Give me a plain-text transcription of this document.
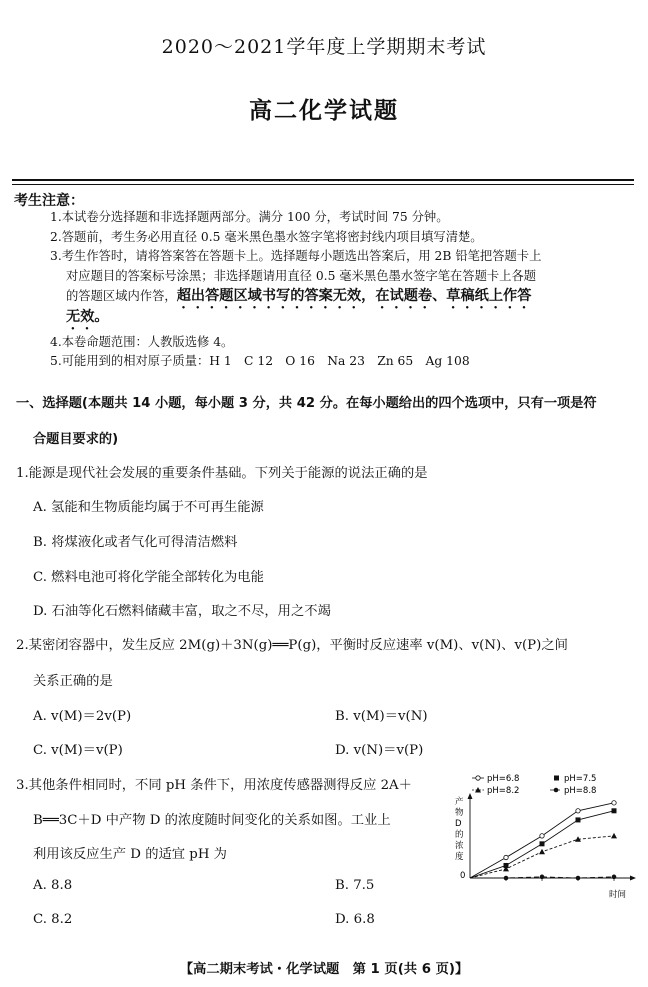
2020～2021学年度上学期期末考试
高二化学试题
考生注意：
1.本试卷分选择题和非选择题两部分。满分 100 分，考试时间 75 分钟。
2.答题前，考生务必用直径 0.5 毫米黑色墨水签字笔将密封线内项目填写清楚。
3.考生作答时，请将答案答在答题卡上。选择题每小题选出答案后，用 2B 铅笔把答题卡上
对应题目的答案标号涂黑；非选择题请用直径 0.5 毫米黑色墨水签字笔在答题卡上各题
的答题区域内作答，超出答题区域书写的答案无效，在试题卷、草稿纸上作答
无效。
4.本卷命题范围：人教版选修 4。
5.可能用到的相对原子质量：H 1　C 12　O 16　Na 23　Zn 65　Ag 108
一、选择题(本题共 14 小题，每小题 3 分，共 42 分。在每小题给出的四个选项中，只有一项是符
合题目要求的)
1.能源是现代社会发展的重要条件基础。下列关于能源的说法正确的是
A. 氢能和生物质能均属于不可再生能源
B. 将煤液化或者气化可得清洁燃料
C. 燃料电池可将化学能全部转化为电能
D. 石油等化石燃料储藏丰富，取之不尽，用之不竭
2.某密闭容器中，发生反应 2M(g)＋3N(g)══P(g)，平衡时反应速率 v(M)、v(N)、v(P)之间
关系正确的是
A. v(M)＝2v(P)	B. v(M)＝v(N)
C. v(M)＝v(P)	D. v(N)＝v(P)
3.其他条件相同时，不同 pH 条件下，用浓度传感器测得反应 2A＋
B══3C＋D 中产物 D 的浓度随时间变化的关系如图。工业上
利用该反应生产 D 的适宜 pH 为
A. 8.8	B. 7.5
C. 8.2	D. 6.8
pH=6.8	pH=7.5
pH=8.2	pH=8.8
产物 D 的浓度
0
时间
【高二期末考试・化学试题　第 1 页(共 6 页)】
